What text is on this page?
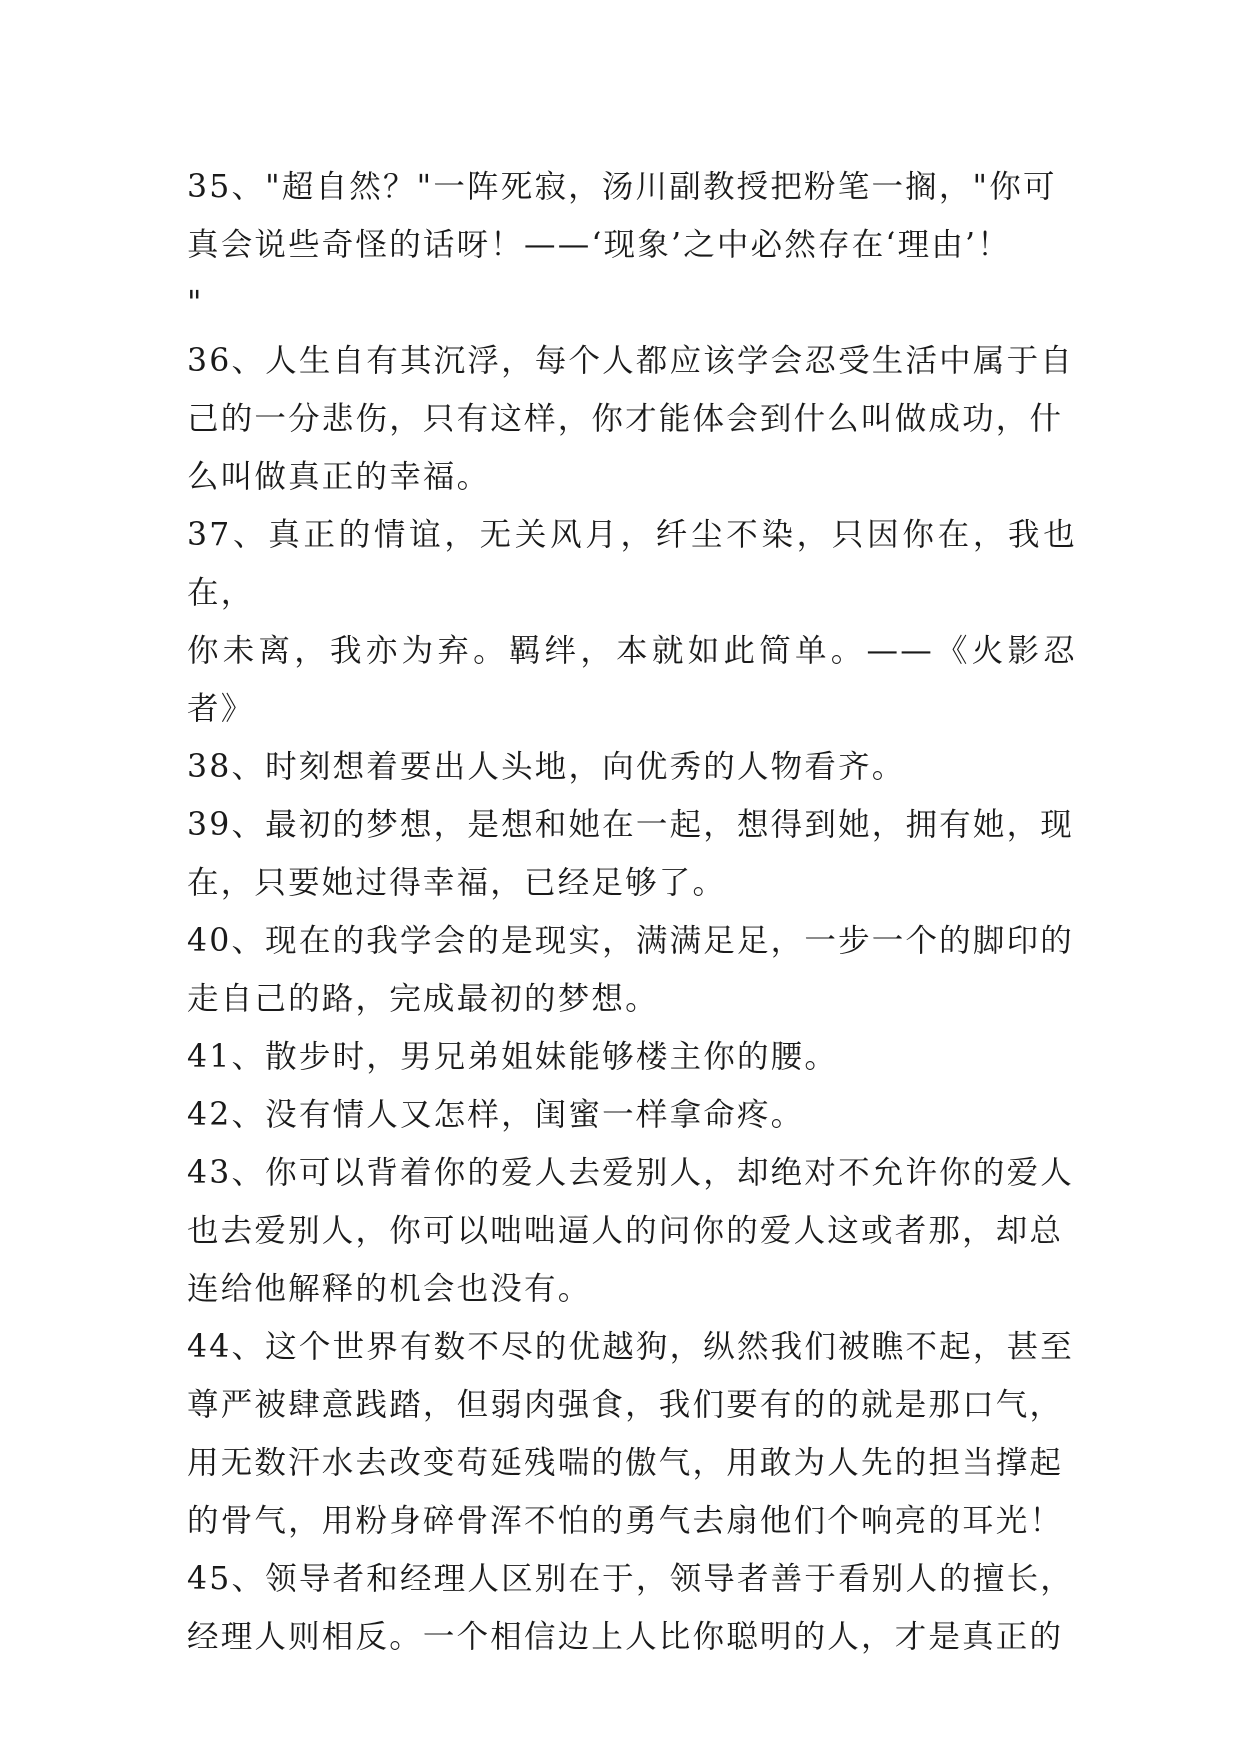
35、"超自然？"一阵死寂，汤川副教授把粉笔一搁，"你可
真会说些奇怪的话呀！——‘现象’之中必然存在‘理由’！
"

36、人生自有其沉浮，每个人都应该学会忍受生活中属于自
己的一分悲伤，只有这样，你才能体会到什么叫做成功，什
么叫做真正的幸福。

37、真正的情谊，无关风月，纤尘不染，只因你在，我也在，
你未离，我亦为弃。羁绊，本就如此简单。——《火影忍者》

38、时刻想着要出人头地，向优秀的人物看齐。

39、最初的梦想，是想和她在一起，想得到她，拥有她，现
在，只要她过得幸福，已经足够了。

40、现在的我学会的是现实，满满足足，一步一个的脚印的
走自己的路，完成最初的梦想。

41、散步时，男兄弟姐妹能够楼主你的腰。

42、没有情人又怎样，闺蜜一样拿命疼。

43、你可以背着你的爱人去爱别人，却绝对不允许你的爱人
也去爱别人，你可以咄咄逼人的问你的爱人这或者那，却总
连给他解释的机会也没有。

44、这个世界有数不尽的优越狗，纵然我们被瞧不起，甚至
尊严被肆意践踏，但弱肉强食，我们要有的的就是那口气，
用无数汗水去改变苟延残喘的傲气，用敢为人先的担当撑起
的骨气，用粉身碎骨浑不怕的勇气去扇他们个响亮的耳光！

45、领导者和经理人区别在于，领导者善于看别人的擅长，
经理人则相反。一个相信边上人比你聪明的人，才是真正的
